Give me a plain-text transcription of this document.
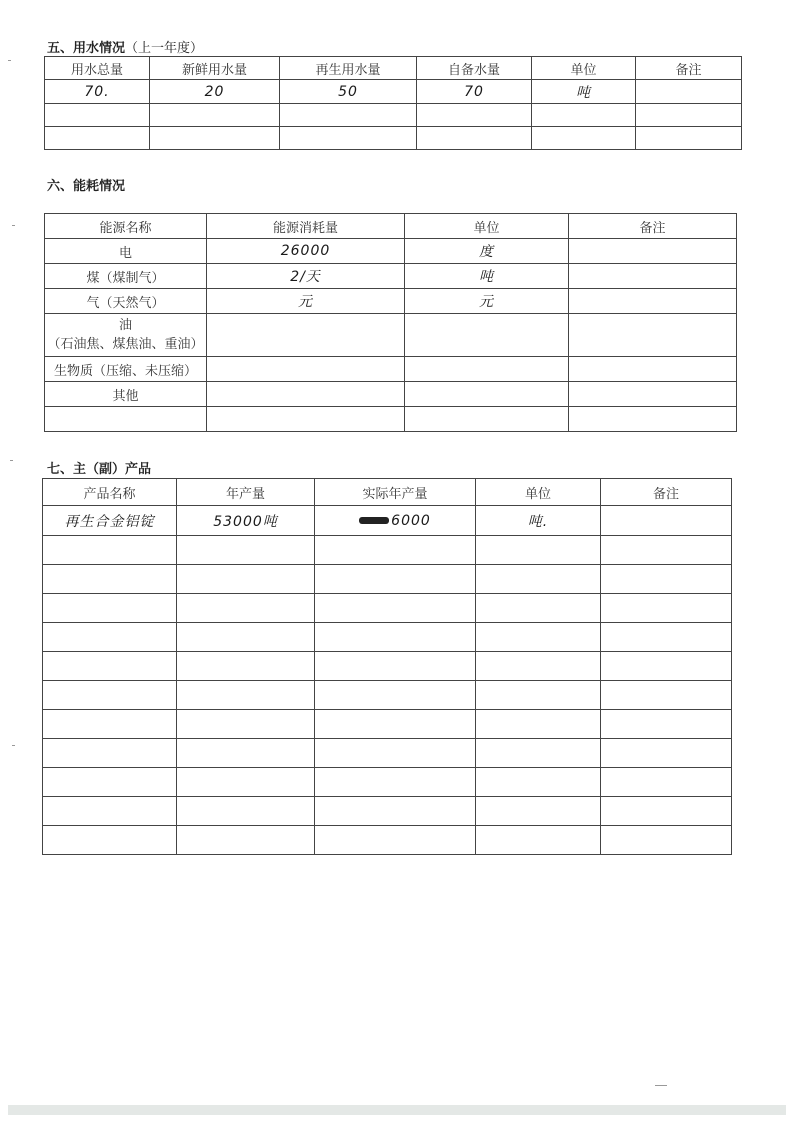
五、用水情况（上一年度）
用水总量	新鲜用水量	再生用水量	自备水量	单位	备注
70.	20	50	70	吨	

六、能耗情况
能源名称	能源消耗量	单位	备注
电	26000	度	
煤（煤制气）	2/天	吨	
气（天然气）	元	元	

油
（石油焦、煤焦油、重油）			

生物质（压缩、未压缩）			
其他			

七、主（副）产品
产品名称	年产量	实际年产量	单位	备注
再生合金铝锭	53000吨	6000	吨.	
